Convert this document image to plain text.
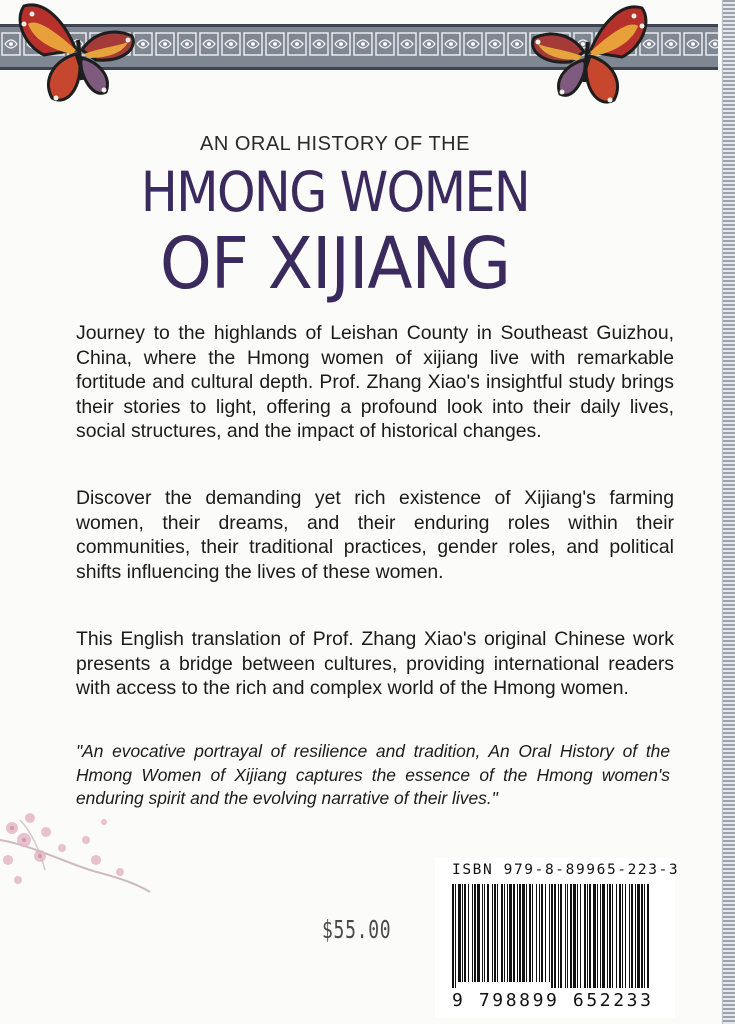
AN ORAL HISTORY OF THE
HMONG WOMEN
OF XIJIANG

Journey to the highlands of Leishan County in Southeast Guizhou, China, where the Hmong women of xijiang live with remarkable fortitude and cultural depth. Prof. Zhang Xiao's insightful study brings their stories to light, offering a profound look into their daily lives, social structures, and the impact of historical changes.

Discover the demanding yet rich existence of Xijiang's farming women, their dreams, and their enduring roles within their communities, their traditional practices, gender roles, and political shifts influencing the lives of these women.

This English translation of Prof. Zhang Xiao's original Chinese work presents a bridge between cultures, providing international readers with access to the rich and complex world of the Hmong women.

"An evocative portrayal of resilience and tradition, An Oral History of the Hmong Women of Xijiang captures the essence of the Hmong women's enduring spirit and the evolving narrative of their lives."

$55.00
ISBN 979-8-89965-223-3
9 798899 652233
